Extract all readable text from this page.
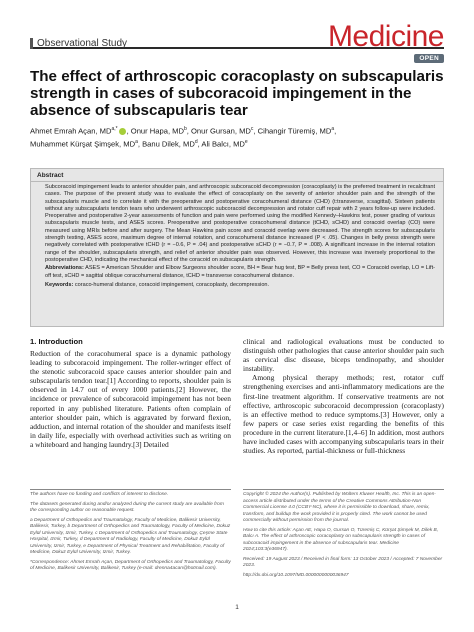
Observational Study	Medicine
OPEN
The effect of arthroscopic coracoplasty on subscapularis strength in cases of subcoracoid impingement in the absence of subscapularis tear
Ahmet Emrah Açan, $MD^{a,*}$ , Onur Hapa, $MD^b$, Onur Gursan, $MD^c$, Cihangir Türemiş, $MD^a$,
Muhammet Kürşat Şimşek, $MD^a$, Banu Dilek, $MD^d$, Ali Balcı, MDe
Abstract
Subcoracoid impingement leads to anterior shoulder pain, and arthroscopic subcoracoid decompression (coracoplasty) is the preferred treatment in recalcitrant cases. The purpose of the present study was to evaluate the effect of coracoplasty on the severity of anterior shoulder pain and the strength of the subscapularis muscle and to correlate it with the preoperative and postoperative coracohumeral distance (CHD) (t:transverse, s:sagittal). Sixteen patients without any subscapularis tendon tears who underwent arthroscopic subcoracoid decompression and rotator cuff repair with 2 years follow-up were included. Preoperative and postoperative 2-year assessments of function and pain were performed using the modified Kennedy–Hawkins test, power grading of various subscapularis muscle tests, and ASES scores. Preoperative and postoperative coracohumeral distance (tCHD, sCHD) and coracoid overlap (CO) were measured using MRIs before and after surgery. The Mean Hawkins pain score and coracoid overlap were decreased. The strength scores for subscapularis strength testing, ASES score, maximum degree of internal rotation, and coracohumeral distance increased (P < .05). Changes in belly press strength were negatively correlated with postoperative tCHD (r = −0.6, P = .04) and postoperative sCHD (r = −0.7, P = .008). A significant increase in the internal rotation range of the shoulder, subscapularis strength, and relief of anterior shoulder pain was observed. However, this increase was inversely proportional to the postoperative CHD, indicating the mechanical effect of the coracoid on subscapularis strength.
Abbreviations: ASES = American Shoulder and Elbow Surgeons shoulder score, BH = Bear hug test, BP = Belly press test, CO = Coracoid overlap, LO = Lift-off test, sCHD = sagittal oblique coracohumeral distance, tCHD = transverse coracohumeral distance.
Keywords: coraco-humeral distance, coracoid impingement, coracoplasty, decompression.
1. Introduction

Reduction of the coracohumeral space is a dynamic pathology leading to subcoracoid impingement. The roller-wringer effect of the stenotic subcoracoid space causes anterior shoulder pain and subscapularis tendon tear.[1] According to reports, shoulder pain is observed in 14.7 out of every 1000 patients.[2] However, the incidence or prevalence of subcoracoid impingement has not been reported in any published literature. Patients often complain of anterior shoulder pain, which is aggravated by forward flexion, adduction, and internal rotation of the shoulder and manifests itself in daily life, especially with overhead activities such as writing on a whiteboard and hanging laundry.[3] Detailed

clinical and radiological evaluations must be conducted to distinguish other pathologies that cause anterior shoulder pain such as cervical disc disease, biceps tendinopathy, and shoulder instability.

Among physical therapy methods; rest, rotator cuff strengthening exercises and anti-inflammatory medications are the first-line treatment algorithm. If conservative treatments are not effective, arthroscopic subcoracoid decompression (coracoplasty) is an effective method to reduce symptoms.[3] However, only a few papers or case series exist regarding the benefits of this procedure in the current literature.[1,4–6] In addition, most authors have included cases with accompanying subscapularis tears in their studies. As reported, partial-thickness or full-thickness

The authors have no funding and conflicts of interest to disclose.

The datasets generated during and/or analyzed during the current study are available from the corresponding author on reasonable request.

a Department of Orthopedics and Traumatology, Faculty of Medicine, Balikesir University, Balikesir, Turkey, b Department of Orthopedics and Traumatology, Faculty of Medicine, Dokuz Eylül University, Izmir, Turkey, c Department of Orthopedics and Traumatology, Çeşme State Hospital, Izmir, Turkey, d Department of Radiology, Faculty of Medicine, Dokuz Eylül University, Izmir, Turkey, e Department of Physical Treatment and Rehabilitation, Faculty of Medicine, Dokuz Eylül University, Izmir, Turkey.

*Correspondence: Ahmet Emrah Açan, Department of Orthopedics and Traumatology, Faculty of Medicine, Balikesir University, Balikesir, Turkey (e-mail: drenna4acan@hotmail.com).

Copyright © 2024 the Author(s). Published by Wolters Kluwer Health, Inc. This is an open-access article distributed under the terms of the Creative Commons Attribution-Non Commercial License 4.0 (CCBY-NC), where it is permissible to download, share, remix, transform, and buildup the work provided it is properly cited. The work cannot be used commercially without permission from the journal.

How to cite this article: Açan AE, Hapa O, Gursan O, Türemiş C, Kürşat Şimşek M, Dilek B, Balcı A. The effect of arthroscopic coracoplasty on subscapularis strength in cases of subcoracoid impingement in the absence of subscapularis tear. Medicine 2024;103:3(e36947).

Received: 19 August 2023 / Received in final form: 13 October 2023 / Accepted: 7 November 2023.

http://dx.doi.org/10.1097/MD.0000000000036947

1
